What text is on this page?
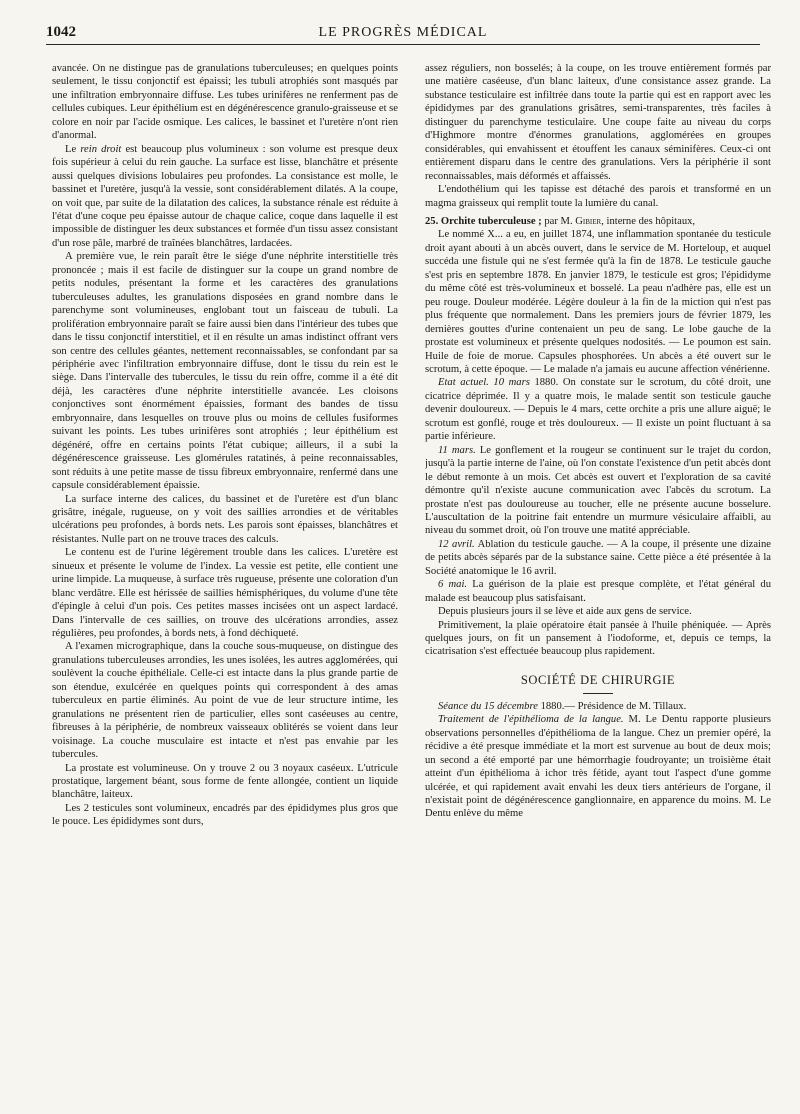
1042	LE PROGRÈS MÉDICAL

avancée. On ne distingue pas de granulations tuberculeuses; en quelques points seulement, le tissu conjonctif est épaissi; les tubuli atrophiés sont masqués par une infiltration embryonnaire diffuse. Les tubes urinifères ne renferment pas de cellules cubiques. Leur épithélium est en dégénérescence granulo-graisseuse et se colore en noir par l'acide osmique. Les calices, le bassinet et l'uretère n'ont rien d'anormal.

Le rein droit est beaucoup plus volumineux : son volume est presque deux fois supérieur à celui du rein gauche. La surface est lisse, blanchâtre et présente aussi quelques divisions lobulaires peu profondes. La consistance est molle, le bassinet et l'uretère, jusqu'à la vessie, sont considérablement dilatés. A la coupe, on voit que, par suite de la dilatation des calices, la substance rénale est réduite à l'état d'une coque peu épaisse autour de chaque calice, coque dans laquelle il est impossible de distinguer les deux substances et formée d'un tissu assez consistant d'un rose pâle, marbré de traînées blanchâtres, lardacées.

A première vue, le rein paraît être le siége d'une néphrite interstitielle très prononcée ; mais il est facile de distinguer sur la coupe un grand nombre de petits nodules, présentant la forme et les caractères des granulations tuberculeuses adultes, les granulations disposées en grand nombre dans le parenchyme sont volumineuses, englobant tout un faisceau de tubuli. La prolifération embryonnaire paraît se faire aussi bien dans l'intérieur des tubes que dans le tissu conjonctif interstitiel, et il en résulte un amas indistinct offrant vers son centre des cellules géantes, nettement reconnaissables, se confondant par sa périphérie avec l'infiltration embryonnaire diffuse, dont le tissu du rein est le siège. Dans l'intervalle des tubercules, le tissu du rein offre, comme il a été dit déjà, les caractères d'une néphrite interstitielle avancée. Les cloisons conjonctives sont énormément épaissies, formant des bandes de tissu embryonnaire, dans lesquelles on trouve plus ou moins de cellules fusiformes suivant les points. Les tubes urinifères sont atrophiés ; leur épithélium est dégénéré, offre en certains points l'état cubique; ailleurs, il a subi la dégénérescence graisseuse. Les glomérules ratatinés, à peine reconnaissables, sont réduits à une petite masse de tissu fibreux embryonnaire, renfermé dans une capsule considérablement épaissie.

La surface interne des calices, du bassinet et de l'uretère est d'un blanc grisâtre, inégale, rugueuse, on y voit des saillies arrondies et de véritables ulcérations peu profondes, à bords nets. Les parois sont épaisses, blanchâtres et résistantes. Nulle part on ne trouve traces des calculs.

Le contenu est de l'urine légèrement trouble dans les calices. L'uretère est sinueux et présente le volume de l'index. La vessie est petite, elle contient une urine limpide. La muqueuse, à surface très rugueuse, présente une coloration d'un blanc verdâtre. Elle est hérissée de saillies hémisphériques, du volume d'une tête d'épingle à celui d'un pois. Ces petites masses incisées ont un aspect lardacé. Dans l'intervalle de ces saillies, on trouve des ulcérations arrondies, assez régulières, peu profondes, à bords nets, à fond déchiqueté.

A l'examen micrographique, dans la couche sous-muqueuse, on distingue des granulations tuberculeuses arrondies, les unes isolées, les autres agglomérées, qui soulèvent la couche épithéliale. Celle-ci est intacte dans la plus grande partie de son étendue, exulcérée en quelques points qui correspondent à des amas tuberculeux en partie éliminés. Au point de vue de leur structure intime, les granulations ne présentent rien de particulier, elles sont caséeuses au centre, fibreuses à la périphérie, de nombreux vaisseaux oblitérés se voient dans leur voisinage. La couche musculaire est intacte et n'est pas envahie par les tubercules.

La prostate est volumineuse. On y trouve 2 ou 3 noyaux caséeux. L'utricule prostatique, largement béant, sous forme de fente allongée, contient un liquide blanchâtre, laiteux.

Les 2 testicules sont volumineux, encadrés par des épididymes plus gros que le pouce. Les épididymes sont durs,

assez réguliers, non bosselés; à la coupe, on les trouve entièrement formés par une matière caséeuse, d'un blanc laiteux, d'une consistance assez grande. La substance testiculaire est infiltrée dans toute la partie qui est en rapport avec les épididymes par des granulations grisâtres, semi-transparentes, très faciles à distinguer du parenchyme testiculaire. Une coupe faite au niveau du corps d'Highmore montre d'énormes granulations, agglomérées en groupes considérables, qui envahissent et étouffent les canaux séminifères. Ceux-ci ont entièrement disparu dans le centre des granulations. Vers la périphérie il sont reconnaissables, mais déformés et affaissés.

L'endothélium qui les tapisse est détaché des parois et transformé en un magma graisseux qui remplit toute la lumière du canal.

25. Orchite tuberculeuse ; par M. Gibier, interne des hôpitaux,

Le nommé X... a eu, en juillet 1874, une inflammation spontanée du testicule droit ayant abouti à un abcès ouvert, dans le service de M. Horteloup, et auquel succéda une fistule qui ne s'est fermée qu'à la fin de 1878. Le testicule gauche s'est pris en septembre 1878. En janvier 1879, le testicule est gros; l'épididyme du même côté est très-volumineux et bosselé. La peau n'adhère pas, elle est un peu rouge. Douleur modérée. Légère douleur à la fin de la miction qui n'est pas plus fréquente que normalement. Dans les premiers jours de février 1879, les dernières gouttes d'urine contenaient un peu de sang. Le lobe gauche de la prostate est volumineux et présente quelques nodosités. — Le poumon est sain. Huile de foie de morue. Capsules phosphorées. Un abcès a été ouvert sur le scrotum, à cette époque. — Le malade n'a jamais eu aucune affection vénérienne.

Etat actuel. 10 mars 1880. On constate sur le scrotum, du côté droit, une cicatrice déprimée. Il y a quatre mois, le malade sentit son testicule gauche devenir douloureux. — Depuis le 4 mars, cette orchite a pris une allure aiguë; le scrotum est gonflé, rouge et très douloureux. — Il existe un point fluctuant à sa partie inférieure.

11 mars. Le gonflement et la rougeur se continuent sur le trajet du cordon, jusqu'à la partie interne de l'aine, où l'on constate l'existence d'un petit abcès dont le début remonte à un mois. Cet abcès est ouvert et l'exploration de sa cavité démontre qu'il n'existe aucune communication avec l'abcès du scrotum. La prostate n'est pas douloureuse au toucher, elle ne présente aucune bosselure. L'auscultation de la poitrine fait entendre un murmure vésiculaire affaibli, au niveau du sommet droit, où l'on trouve une matité appréciable.

12 avril. Ablation du testicule gauche. — A la coupe, il présente une dizaine de petits abcès séparés par de la substance saine. Cette pièce a été présentée à la Société anatomique le 16 avril.

6 mai. La guérison de la plaie est presque complète, et l'état général du malade est beaucoup plus satisfaisant.

Depuis plusieurs jours il se lève et aide aux gens de service.

Primitivement, la plaie opératoire était pansée à l'huile phéniquée. — Après quelques jours, on fit un pansement à l'iodoforme, et, depuis ce temps, la cicatrisation s'est effectuée beaucoup plus rapidement.

SOCIÉTÉ DE CHIRURGIE

Séance du 15 décembre 1880.— Présidence de M. Tillaux.

Traitement de l'épithélioma de la langue. M. Le Dentu rapporte plusieurs observations personnelles d'épithélioma de la langue. Chez un premier opéré, la récidive a été presque immédiate et la mort est survenue au bout de deux mois; un second a été emporté par une hémorrhagie foudroyante; un troisième était atteint d'un épithélioma à ichor très fétide, ayant tout l'aspect d'une gomme ulcérée, et qui rapidement avait envahi les deux tiers antérieurs de l'organe, il n'existait point de dégénérescence ganglionnaire, en apparence du moins. M. Le Dentu enlève du même
